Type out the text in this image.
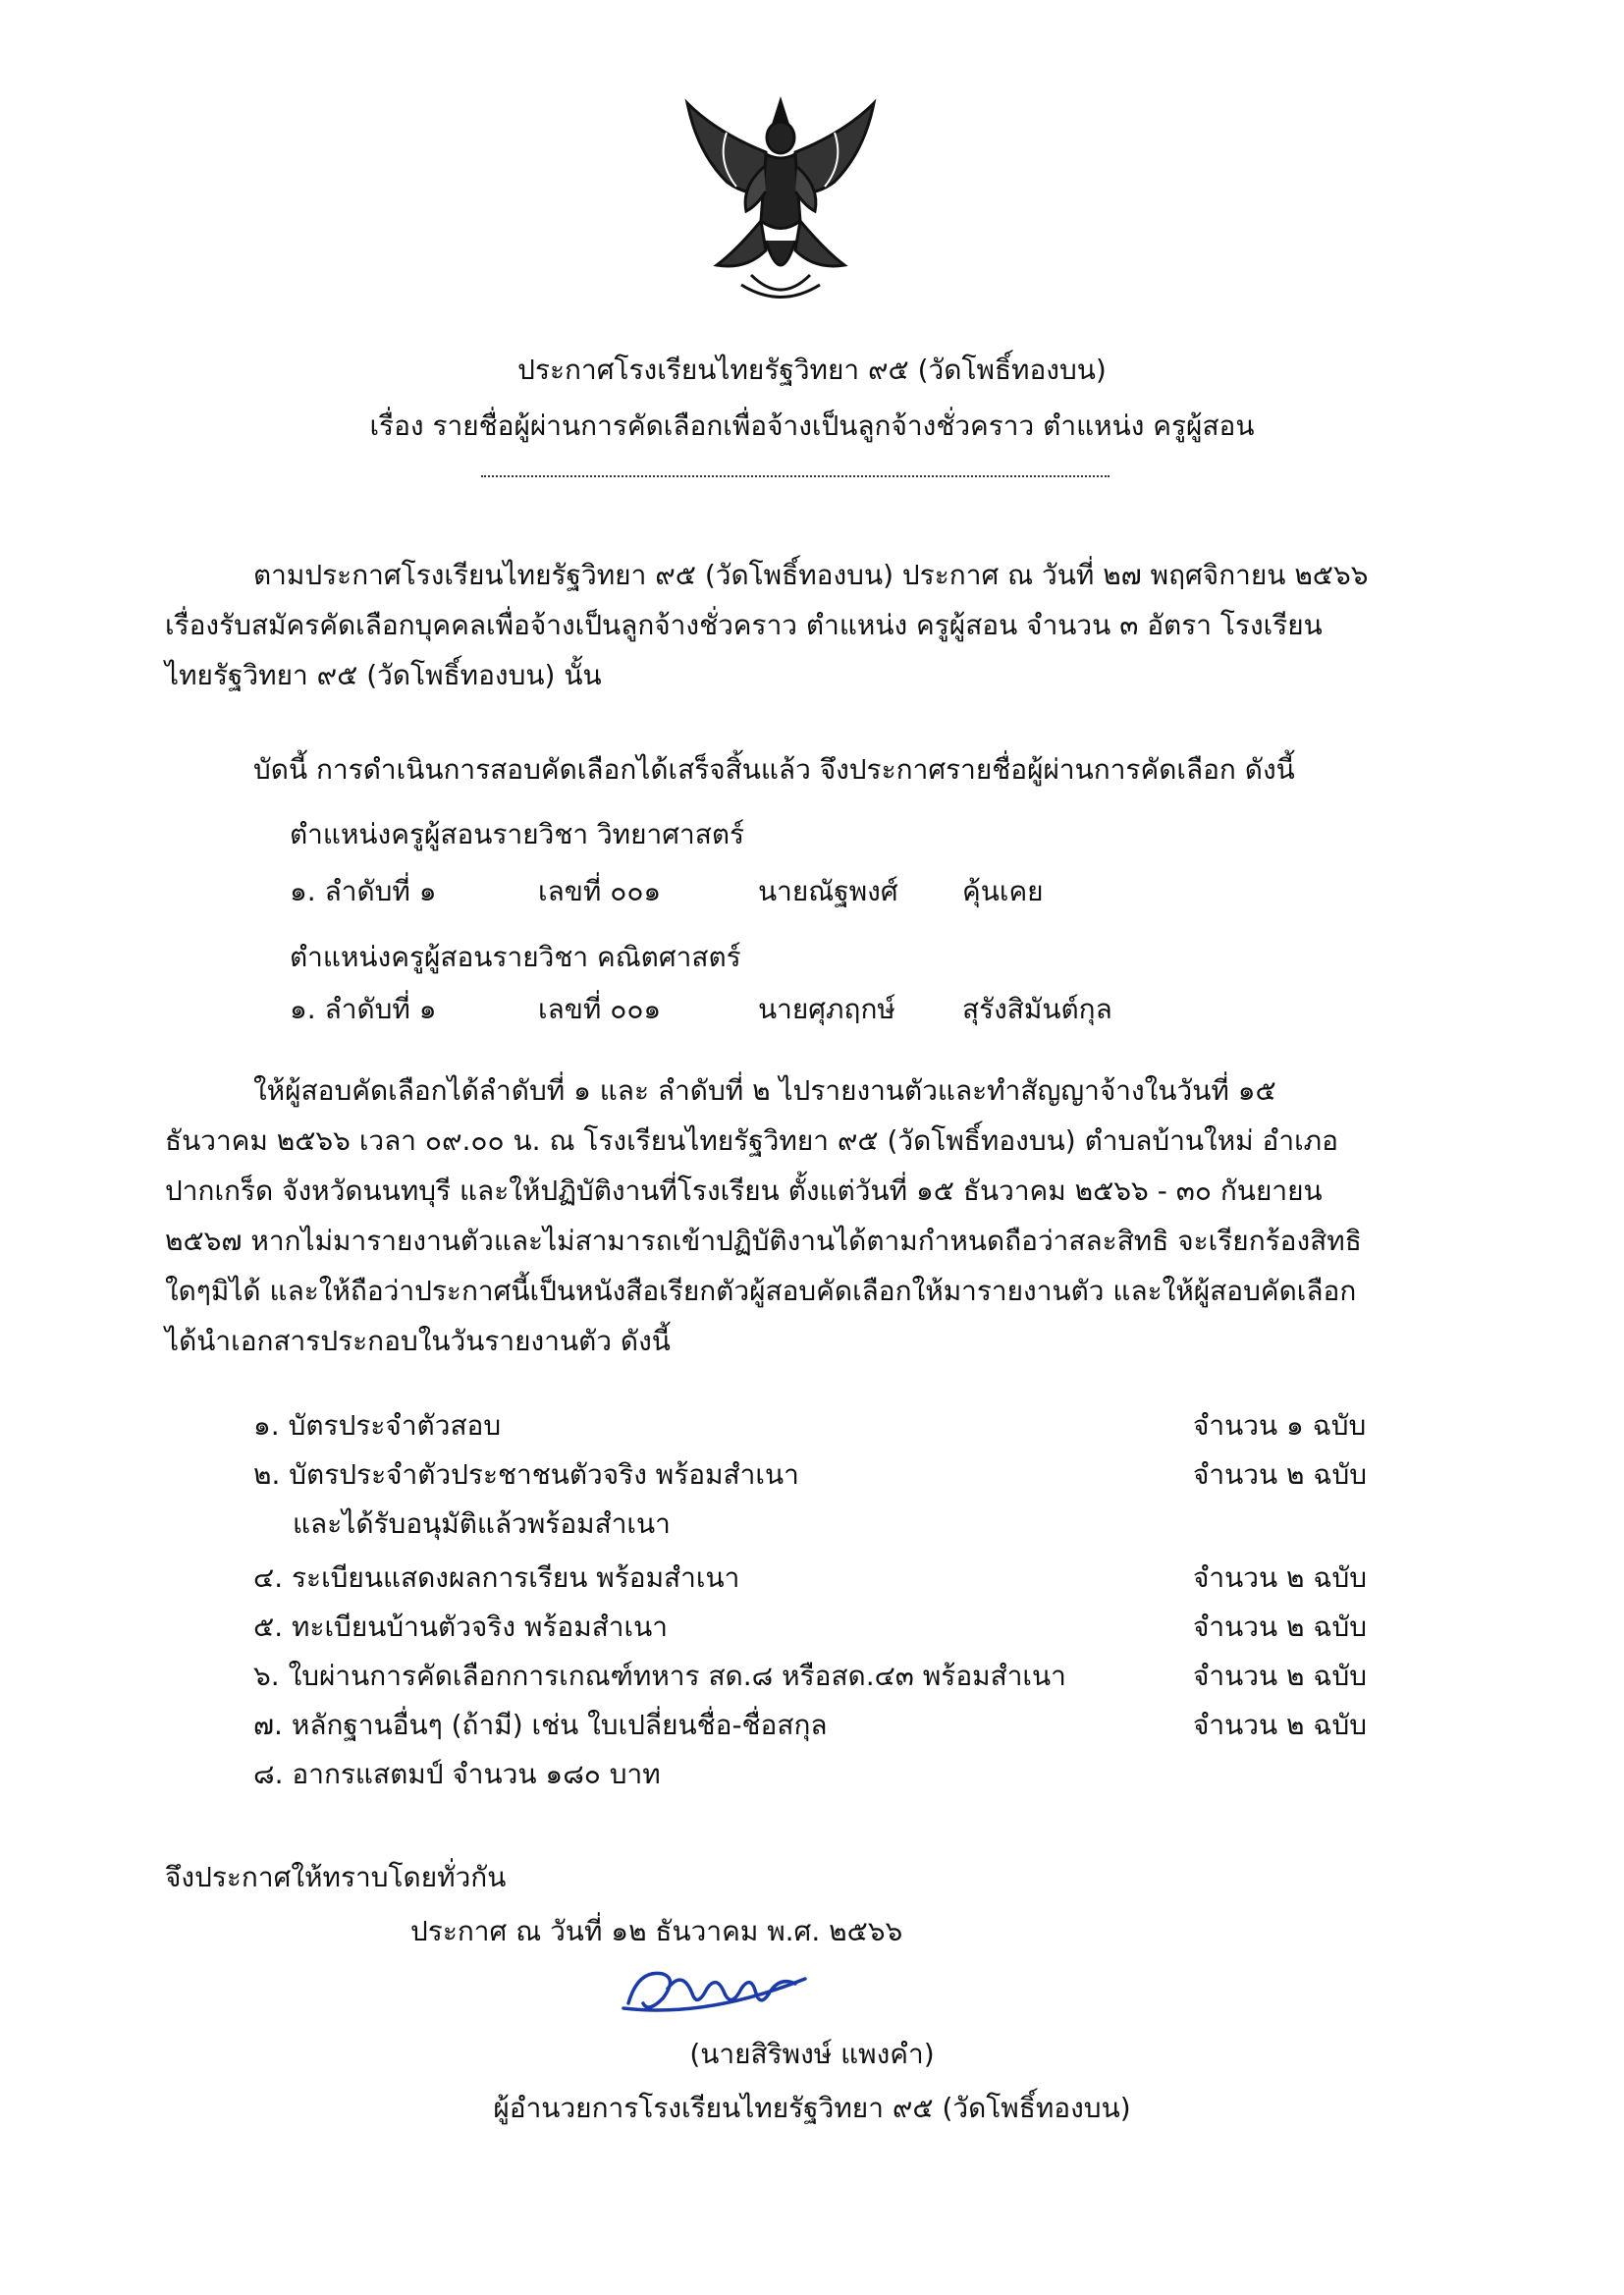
ประกาศโรงเรียนไทยรัฐวิทยา ๙๕ (วัดโพธิ์ทองบน)
เรื่อง รายชื่อผู้ผ่านการคัดเลือกเพื่อจ้างเป็นลูกจ้างชั่วคราว ตำแหน่ง ครูผู้สอน
ตามประกาศโรงเรียนไทยรัฐวิทยา ๙๕ (วัดโพธิ์ทองบน) ประกาศ ณ วันที่ ๒๗ พฤศจิกายน ๒๕๖๖ เรื่องรับสมัครคัดเลือกบุคคลเพื่อจ้างเป็นลูกจ้างชั่วคราว ตำแหน่ง ครูผู้สอน จำนวน ๓ อัตรา โรงเรียนไทยรัฐวิทยา ๙๕ (วัดโพธิ์ทองบน) นั้น
บัดนี้ การดำเนินการสอบคัดเลือกได้เสร็จสิ้นแล้ว จึงประกาศรายชื่อผู้ผ่านการคัดเลือก ดังนี้
ตำแหน่งครูผู้สอนรายวิชา วิทยาศาสตร์
๑. ลำดับที่ ๑	เลขที่ ๐๐๑	นายณัฐพงศ์ คุ้นเคย
ตำแหน่งครูผู้สอนรายวิชา คณิตศาสตร์
๑. ลำดับที่ ๑	เลขที่ ๐๐๑	นายศุภฤกษ์ สุรังสิมันต์กุล
ให้ผู้สอบคัดเลือกได้ลำดับที่ ๑ และ ลำดับที่ ๒ ไปรายงานตัวและทำสัญญาจ้างในวันที่ ๑๕ ธันวาคม ๒๕๖๖ เวลา ๐๙.๐๐ น. ณ โรงเรียนไทยรัฐวิทยา ๙๕ (วัดโพธิ์ทองบน) ตำบลบ้านใหม่ อำเภอปากเกร็ด จังหวัดนนทบุรี และให้ปฏิบัติงานที่โรงเรียน ตั้งแต่วันที่ ๑๕ ธันวาคม ๒๕๖๖ - ๓๐ กันยายน ๒๕๖๗ หากไม่มารายงานตัวและไม่สามารถเข้าปฏิบัติงานได้ตามกำหนดถือว่าสละสิทธิ จะเรียกร้องสิทธิใดๆมิได้ และให้ถือว่าประกาศนี้เป็นหนังสือเรียกตัวผู้สอบคัดเลือกให้มารายงานตัว และให้ผู้สอบคัดเลือกได้นำเอกสารประกอบในวันรายงานตัว ดังนี้
๑. บัตรประจำตัวสอบ	จำนวน ๑ ฉบับ
๒. บัตรประจำตัวประชาชนตัวจริง พร้อมสำเนา	จำนวน ๒ ฉบับ
และได้รับอนุมัติแล้วพร้อมสำเนา
๔. ระเบียนแสดงผลการเรียน พร้อมสำเนา	จำนวน ๒ ฉบับ
๕. ทะเบียนบ้านตัวจริง พร้อมสำเนา	จำนวน ๒ ฉบับ
๖. ใบผ่านการคัดเลือกการเกณฑ์ทหาร สด.๘ หรือสด.๔๓ พร้อมสำเนา	จำนวน ๒ ฉบับ
๗. หลักฐานอื่นๆ (ถ้ามี) เช่น ใบเปลี่ยนชื่อ-ชื่อสกุล	จำนวน ๒ ฉบับ
๘. อากรแสตมป์ จำนวน ๑๘๐ บาท
จึงประกาศให้ทราบโดยทั่วกัน
ประกาศ ณ วันที่ ๑๒ ธันวาคม พ.ศ. ๒๕๖๖
(นายสิริพงษ์ แพงคำ)
ผู้อำนวยการโรงเรียนไทยรัฐวิทยา ๙๕ (วัดโพธิ์ทองบน)
